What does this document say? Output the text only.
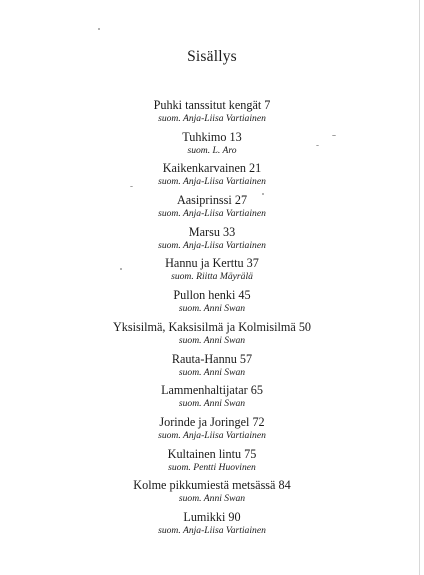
Sisällys
Puhki tanssitut kengät 7
suom. Anja-Liisa Vartiainen
Tuhkimo 13
suom. L. Aro
Kaikenkarvainen 21
suom. Anja-Liisa Vartiainen
Aasiprinssi 27
suom. Anja-Liisa Vartiainen
Marsu 33
suom. Anja-Liisa Vartiainen
Hannu ja Kerttu 37
suom. Riitta Mäyrälä
Pullon henki 45
suom. Anni Swan
Yksisilmä, Kaksisilmä ja Kolmisilmä 50
suom. Anni Swan
Rauta-Hannu 57
suom. Anni Swan
Lammenhaltijatar 65
suom. Anni Swan
Jorinde ja Joringel 72
suom. Anja-Liisa Vartiainen
Kultainen lintu 75
suom. Pentti Huovinen
Kolme pikkumiestä metsässä 84
suom. Anni Swan
Lumikki 90
suom. Anja-Liisa Vartiainen
